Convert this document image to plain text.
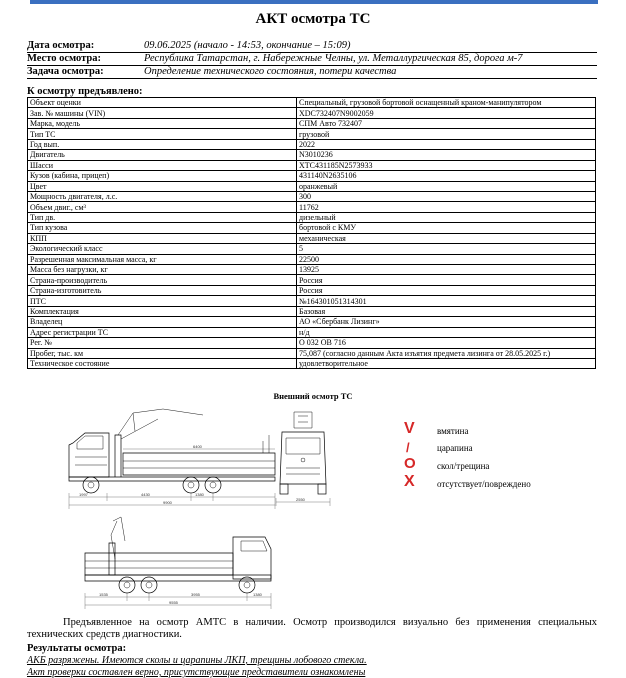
АКТ осмотра ТС
Дата осмотра:	09.06.2025 (начало - 14:53, окончание – 15:09)
Место осмотра:	Республика Татарстан, г. Набережные Челны, ул. Металлургическая 85, дорога м-7
Задача осмотра:	Определение технического состояния, потери качества
К осмотру предъявлено:
Объект оценки	Специальный, грузовой бортовой оснащенный краном-манипулятором
Зав. № машины (VIN)	XDC732407N9002059
Марка, модель	СПМ Авто 732407
Тип ТС	грузовой
Год вып.	2022
Двигатель	N3010236
Шасси	XTC431185N2573933
Кузов (кабина, прицеп)	431140N2635106
Цвет	оранжевый
Мощность двигателя, л.с.	300
Объем двиг., см³	11762
Тип дв.	дизельный
Тип кузова	бортовой с КМУ
КПП	механическая
Экологический класс	5
Разрешенная максимальная масса, кг	22500
Масса без нагрузки, кг	13925
Страна-производитель	Россия
Страна-изготовитель	Россия
ПТС	№164301051314301
Комплектация	Базовая
Владелец	АО «Сбербанк Лизинг»
Адрес регистрации ТС	н/д
Рег. №	О 032 ОВ 716
Пробег, тыс. км	75,087 (согласно данным Акта изъятия предмета лизинга от 28.05.2025 г.)
Техническое состояние	удовлетворительное
Внешний осмотр ТС
1997	4430	1380
9900
6400
2550
1535	3955	1380
9555
V вмятина
/	царапина
O скол/трещина
X отсутствует/повреждено
Предъявленное на осмотр АМТС в наличии. Осмотр производился визуально без применения специальных технических средств диагностики.
Результаты осмотра:
АКБ разряжены. Имеются сколы и царапины ЛКП, трещины лобового стекла.
Акт проверки составлен верно, присутствующие представители ознакомлены
